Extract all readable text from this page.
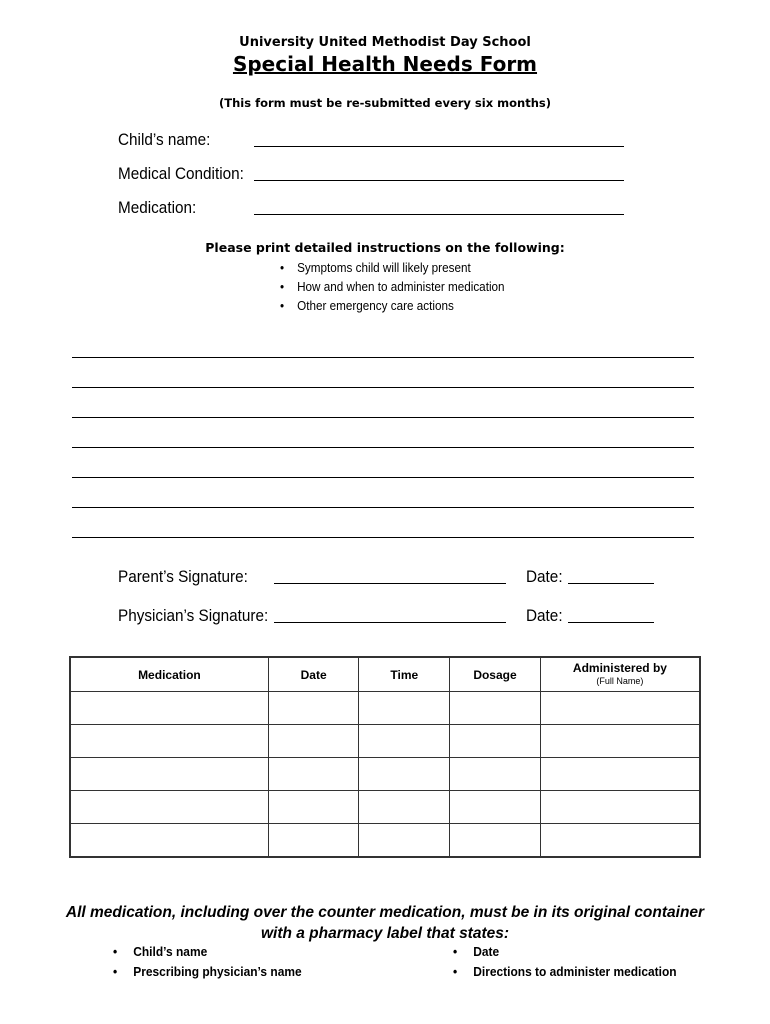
University United Methodist Day School
Special Health Needs Form
(This form must be re-submitted every six months)
Child’s name:
Medical Condition:
Medication:
Please print detailed instructions on the following:
• Symptoms child will likely present
• How and when to administer medication
• Other emergency care actions
Parent’s Signature:	Date:
Physician’s Signature:	Date:
Medication	Date	Time	Dosage	Administered by
(Full Name)

All medication, including over the counter medication, must be in its original container
with a pharmacy label that states:
• Child’s name
• Prescribing physician’s name
• Date
• Directions to administer medication
